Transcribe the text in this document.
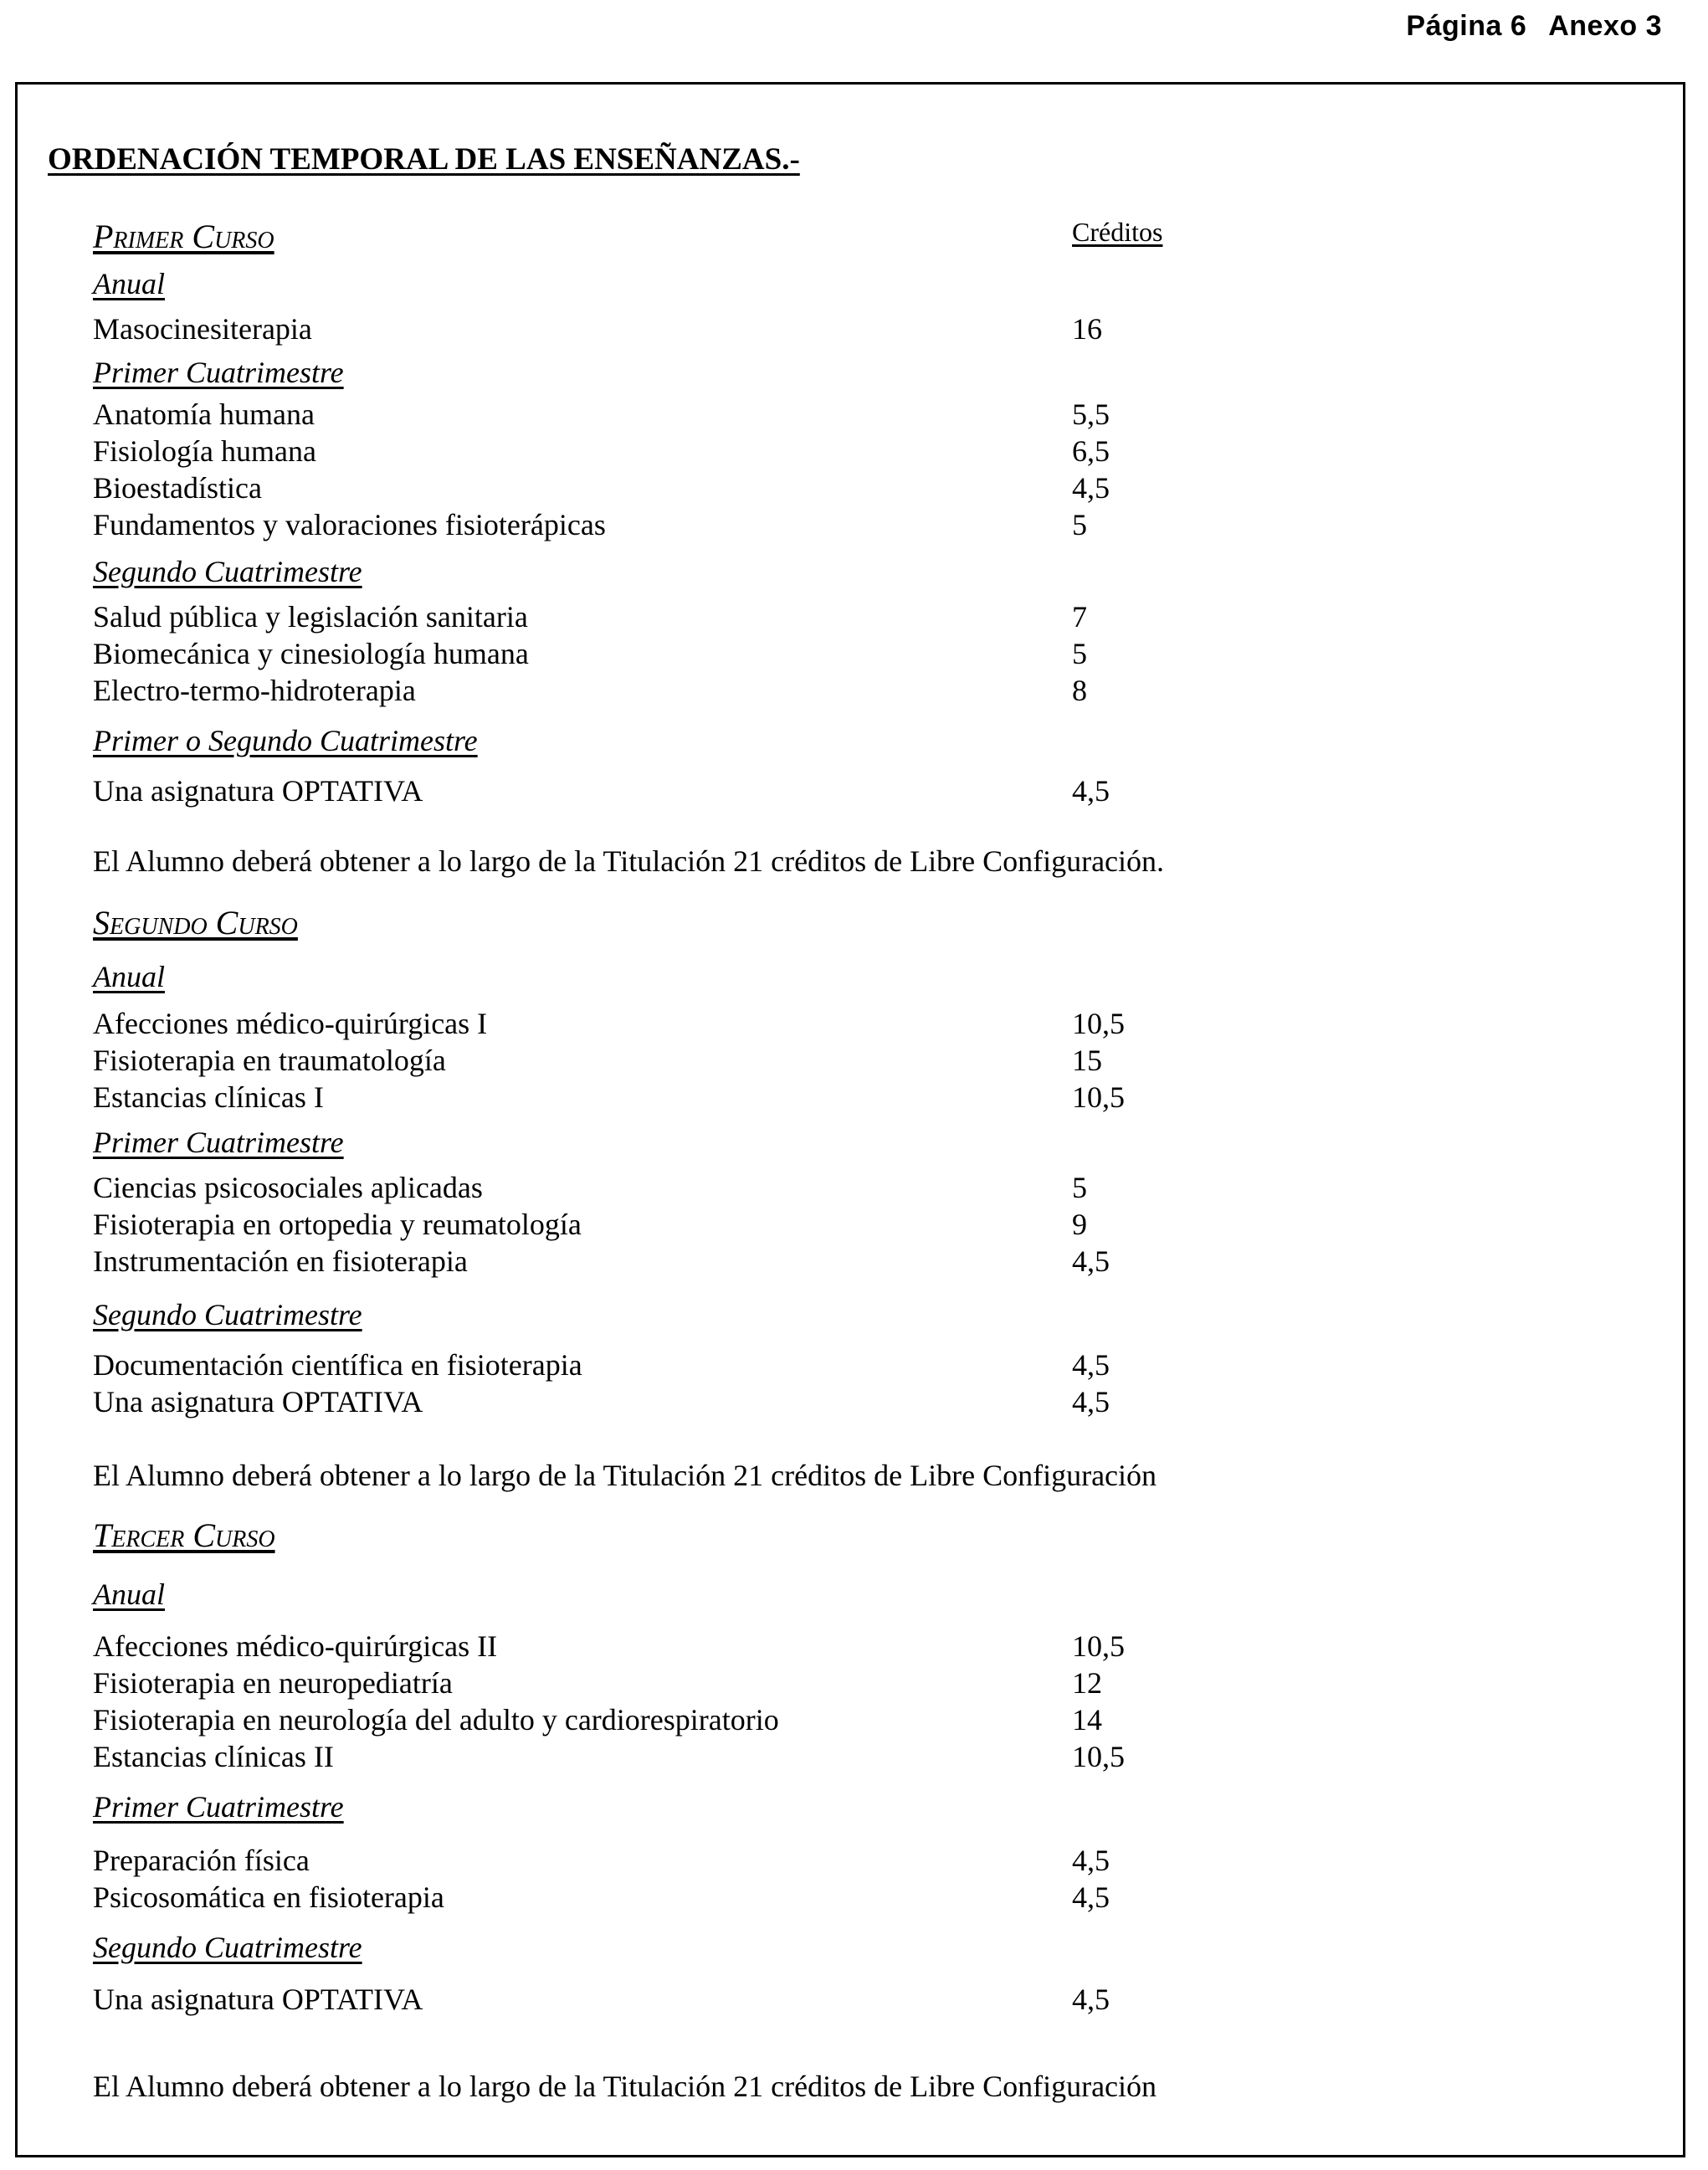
Página 6 Anexo 3
ORDENACIÓN TEMPORAL DE LAS ENSEÑANZAS.-
Créditos
Primer Curso
Anual
Masocinesiterapia	16
Primer Cuatrimestre
Anatomía humana	5,5
Fisiología humana	6,5
Bioestadística	4,5
Fundamentos y valoraciones fisioterápicas	5
Segundo Cuatrimestre
Salud pública y legislación sanitaria	7
Biomecánica y cinesiología humana	5
Electro-termo-hidroterapia	8
Primer o Segundo Cuatrimestre
Una asignatura OPTATIVA	4,5
El Alumno deberá obtener a lo largo de la Titulación 21 créditos de Libre Configuración.
Segundo Curso
Anual
Afecciones médico-quirúrgicas I	10,5
Fisioterapia en traumatología	15
Estancias clínicas I	10,5
Primer Cuatrimestre
Ciencias psicosociales aplicadas	5
Fisioterapia en ortopedia y reumatología	9
Instrumentación en fisioterapia	4,5
Segundo Cuatrimestre
Documentación científica en fisioterapia	4,5
Una asignatura OPTATIVA	4,5
El Alumno deberá obtener a lo largo de la Titulación 21 créditos de Libre Configuración
Tercer Curso
Anual
Afecciones médico-quirúrgicas II	10,5
Fisioterapia en neuropediatría	12
Fisioterapia en neurología del adulto y cardiorespiratorio	14
Estancias clínicas II	10,5
Primer Cuatrimestre
Preparación física	4,5
Psicosomática en fisioterapia	4,5
Segundo Cuatrimestre
Una asignatura OPTATIVA	4,5
El Alumno deberá obtener a lo largo de la Titulación 21 créditos de Libre Configuración
